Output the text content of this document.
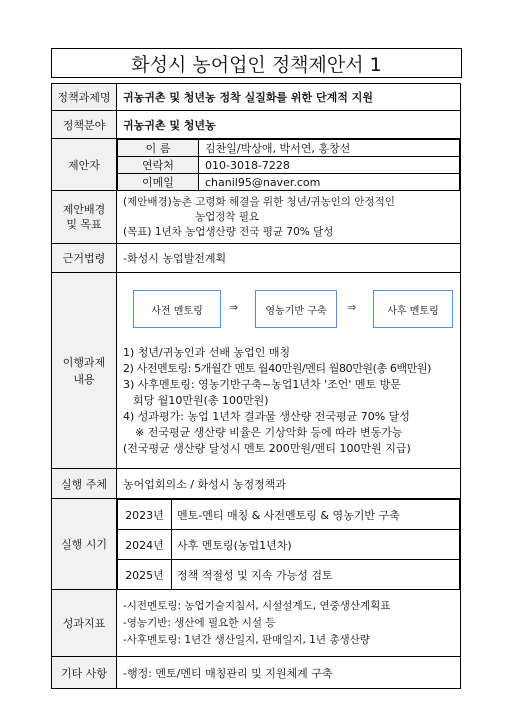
화성시 농어업인 정책제안서 1
정책과제명	귀농귀촌 및 청년농 정착 실질화를 위한 단계적 지원
정책분야	귀농귀촌 및 청년농
제안자	
이 름	김찬일/박상애, 박서연, 홍창선
연락처	010-3018-7228
이메일	chanil95@naver.com

제안배경
및 목표

(제안배경)농촌 고령화 해결을 위한 청년/귀농인의 안정적인
농업정착 필요
(목표) 1년차 농업생산량 전국 평균 70% 달성

근거법령	-화성시 농업발전계획

이행과제
내용

사전 멘토링	⇒	영농기반 구축	⇒	사후 멘토링
1) 청년/귀농인과 선배 농업인 매칭
2) 사전멘토링: 5개월간 멘토 월40만원/멘티 월80만원(총 6백만원)
3) 사후멘토링: 영농기반구축~농업1년차 '조언' 멘토 방문
회당 월10만원(총 100만원)
4) 성과평가: 농업 1년차 결과물 생산량 전국평균 70% 달성
※ 전국평균 생산량 비율은 기상악화 등에 따라 변동가능
(전국평균 생산량 달성시 멘토 200만원/멘티 100만원 지급)

실행 주체	농어업회의소 / 화성시 농정정책과
실행 시기	
2023년	멘토-멘티 매칭 & 사전멘토링 & 영농기반 구축
2024년	사후 멘토링(농업1년차)
2025년	정책 적절성 및 지속 가능성 검토

성과지표	
-시전멘토링: 농업기술지침서, 시설설계도, 연중생산계획표
-영농기반: 생산에 필요한 시설 등
-사후멘토링: 1년간 생산일지, 판매일지, 1년 총생산량

기타 사항	-행정: 멘토/멘티 매칭관리 및 지원체계 구축
